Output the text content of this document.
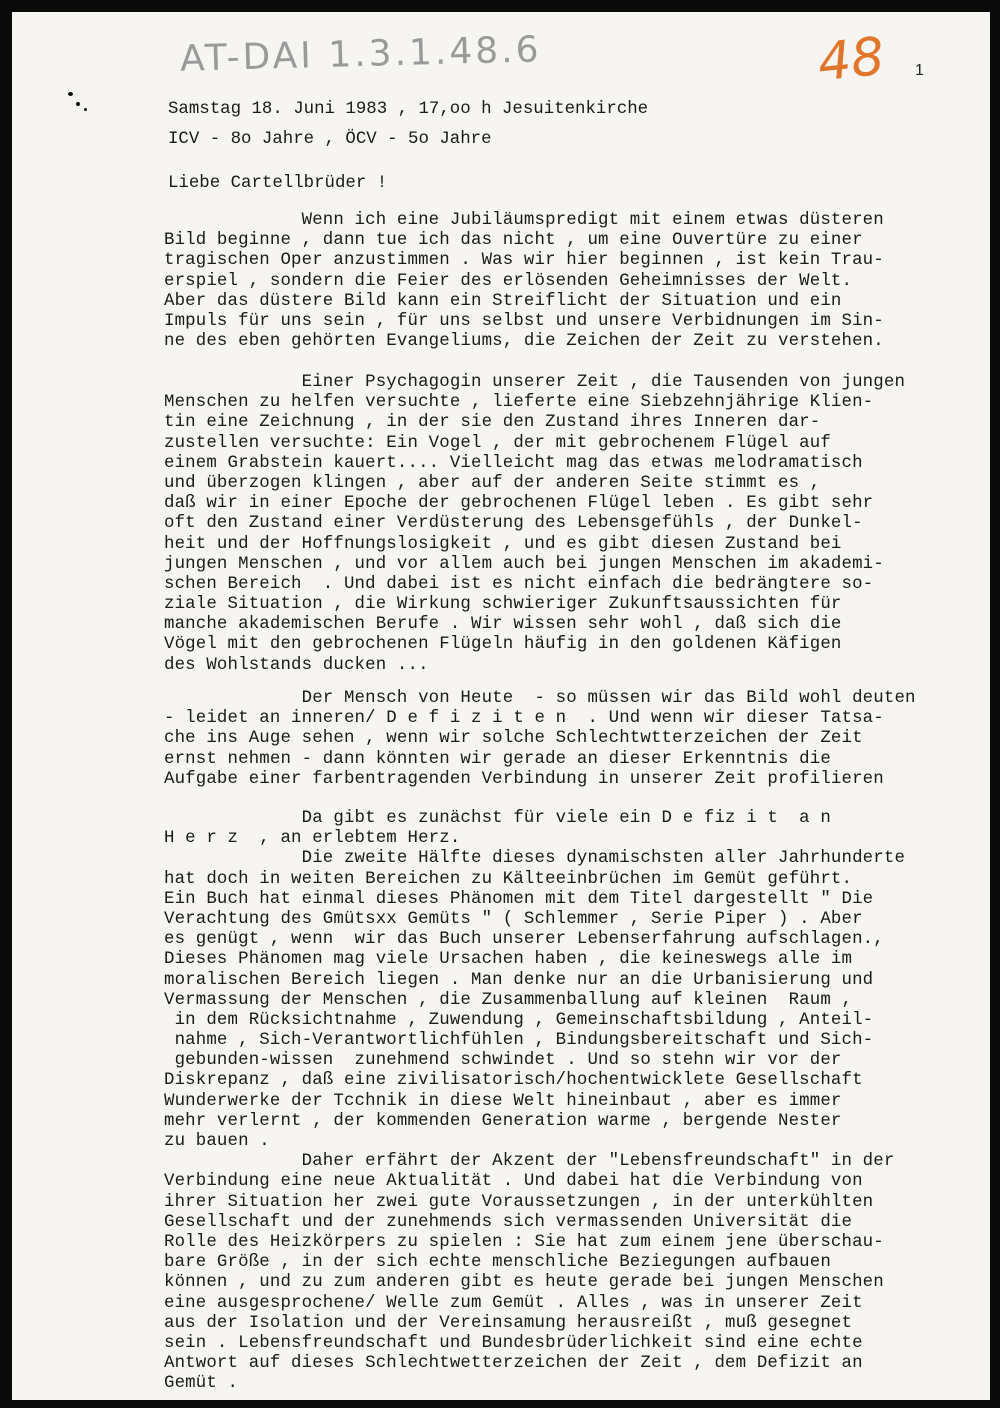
AT-DAI 1.3.1.48.6	48 1
Samstag 18. Juni 1983 , 17,oo h Jesuitenkirche
ICV - 8o Jahre , ÖCV - 5o Jahre
Liebe Cartellbrüder !
Wenn ich eine Jubiläumspredigt mit einem etwas düsteren
Bild beginne , dann tue ich das nicht , um eine Ouvertüre zu einer
tragischen Oper anzustimmen . Was wir hier beginnen , ist kein Trau-
erspiel , sondern die Feier des erlösenden Geheimnisses der Welt.
Aber das düstere Bild kann ein Streiflicht der Situation und ein
Impuls für uns sein , für uns selbst und unsere Verbidnungen im Sin-
ne des eben gehörten Evangeliums, die Zeichen der Zeit zu verstehen.
Einer Psychagogin unserer Zeit , die Tausenden von jungen
Menschen zu helfen versuchte , lieferte eine Siebzehnjährige Klien-
tin eine Zeichnung , in der sie den Zustand ihres Inneren dar-
zustellen versuchte: Ein Vogel , der mit gebrochenem Flügel auf
einem Grabstein kauert.... Vielleicht mag das etwas melodramatisch
und überzogen klingen , aber auf der anderen Seite stimmt es ,
daß wir in einer Epoche der gebrochenen Flügel leben . Es gibt sehr
oft den Zustand einer Verdüsterung des Lebensgefühls , der Dunkel-
heit und der Hoffnungslosigkeit , und es gibt diesen Zustand bei
jungen Menschen , und vor allem auch bei jungen Menschen im akademi-
schen Bereich  . Und dabei ist es nicht einfach die bedrängtere so-
ziale Situation , die Wirkung schwieriger Zukunftsaussichten für
manche akademischen Berufe . Wir wissen sehr wohl , daß sich die
Vögel mit den gebrochenen Flügeln häufig in den goldenen Käfigen
des Wohlstands ducken ...
Der Mensch von Heute  - so müssen wir das Bild wohl deuten
- leidet an inneren/ D e f i z i t e n  . Und wenn wir dieser Tatsa-
che ins Auge sehen , wenn wir solche Schlechtwtterzeichen der Zeit
ernst nehmen - dann könnten wir gerade an dieser Erkenntnis die
Aufgabe einer farbentragenden Verbindung in unserer Zeit profilieren
Da gibt es zunächst für viele ein D e fiz i t  a n
H e r z  , an erlebtem Herz.
Die zweite Hälfte dieses dynamischsten aller Jahrhunderte
hat doch in weiten Bereichen zu Kälteeinbrüchen im Gemüt geführt.
Ein Buch hat einmal dieses Phänomen mit dem Titel dargestellt " Die
Verachtung des Gmütsxx Gemüts " ( Schlemmer , Serie Piper ) . Aber
es genügt , wenn  wir das Buch unserer Lebenserfahrung aufschlagen.,
Dieses Phänomen mag viele Ursachen haben , die keineswegs alle im
moralischen Bereich liegen . Man denke nur an die Urbanisierung und
Vermassung der Menschen , die Zusammenballung auf kleinen  Raum ,
in dem Rücksichtnahme , Zuwendung , Gemeinschaftsbildung , Anteil-
nahme , Sich-Verantwortlichfühlen , Bindungsbereitschaft und Sich-
gebunden-wissen  zunehmend schwindet . Und so stehn wir vor der
Diskrepanz , daß eine zivilisatorisch/hochentwicklete Gesellschaft
Wunderwerke der Tcchnik in diese Welt hineinbaut , aber es immer
mehr verlernt , der kommenden Generation warme , bergende Nester
zu bauen .
Daher erfährt der Akzent der "Lebensfreundschaft" in der
Verbindung eine neue Aktualität . Und dabei hat die Verbindung von
ihrer Situation her zwei gute Voraussetzungen , in der unterkühlten
Gesellschaft und der zunehmends sich vermassenden Universität die
Rolle des Heizkörpers zu spielen : Sie hat zum einem jene überschau-
bare Größe , in der sich echte menschliche Beziegungen aufbauen
können , und zu zum anderen gibt es heute gerade bei jungen Menschen
eine ausgesprochene/ Welle zum Gemüt . Alles , was in unserer Zeit
aus der Isolation und der Vereinsamung herausreißt , muß gesegnet
sein . Lebensfreundschaft und Bundesbrüderlichkeit sind eine echte
Antwort auf dieses Schlechtwetterzeichen der Zeit , dem Defizit an
Gemüt .
